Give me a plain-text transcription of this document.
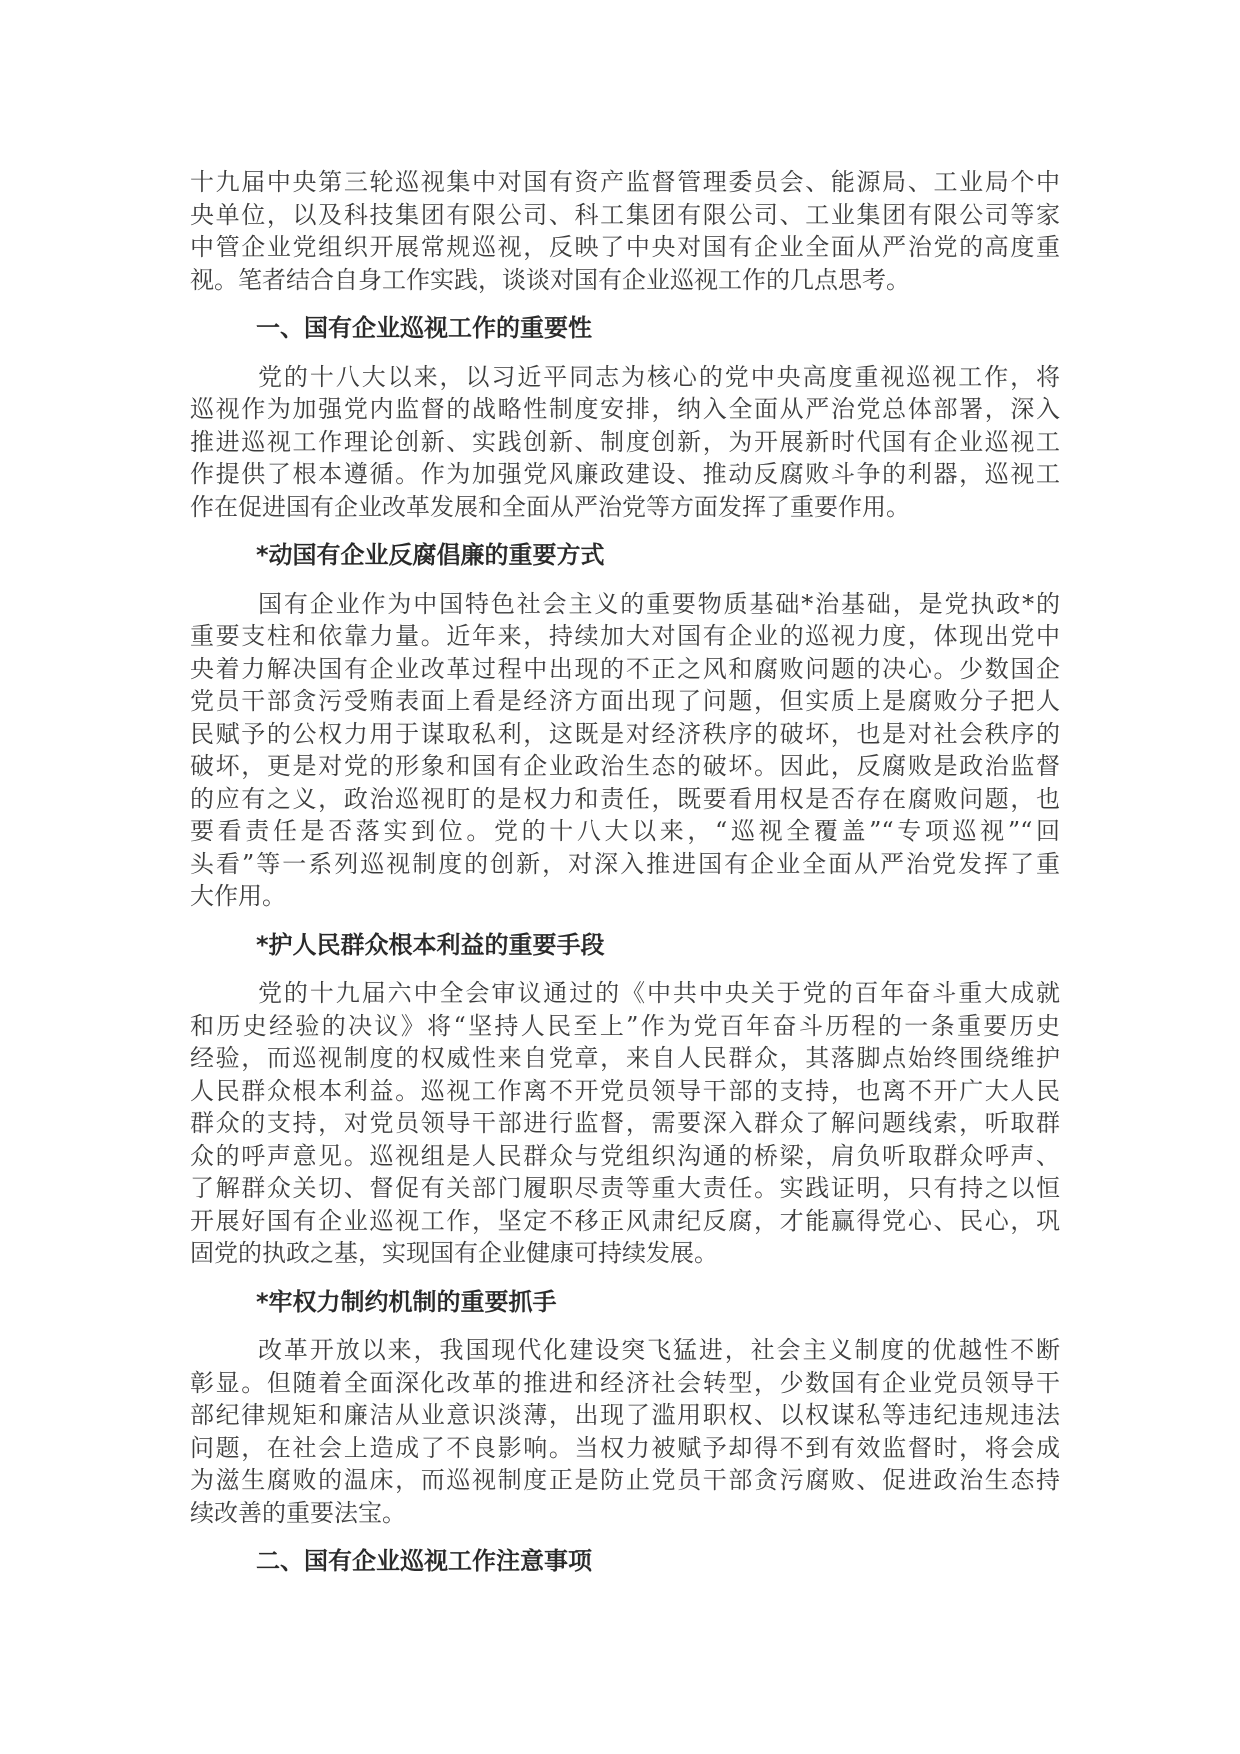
十九届中央第三轮巡视集中对国有资产监督管理委员会、能源局、工业局个中
央单位，以及科技集团有限公司、科工集团有限公司、工业集团有限公司等家
中管企业党组织开展常规巡视，反映了中央对国有企业全面从严治党的高度重
视。笔者结合自身工作实践，谈谈对国有企业巡视工作的几点思考。
一、国有企业巡视工作的重要性
党的十八大以来，以习近平同志为核心的党中央高度重视巡视工作，将
巡视作为加强党内监督的战略性制度安排，纳入全面从严治党总体部署，深入
推进巡视工作理论创新、实践创新、制度创新，为开展新时代国有企业巡视工
作提供了根本遵循。作为加强党风廉政建设、推动反腐败斗争的利器，巡视工
作在促进国有企业改革发展和全面从严治党等方面发挥了重要作用。
*动国有企业反腐倡廉的重要方式
国有企业作为中国特色社会主义的重要物质基础*治基础，是党执政*的
重要支柱和依靠力量。近年来，持续加大对国有企业的巡视力度，体现出党中
央着力解决国有企业改革过程中出现的不正之风和腐败问题的决心。少数国企
党员干部贪污受贿表面上看是经济方面出现了问题，但实质上是腐败分子把人
民赋予的公权力用于谋取私利，这既是对经济秩序的破坏，也是对社会秩序的
破坏，更是对党的形象和国有企业政治生态的破坏。因此，反腐败是政治监督
的应有之义，政治巡视盯的是权力和责任，既要看用权是否存在腐败问题，也
要看责任是否落实到位。党的十八大以来，“巡视全覆盖”“专项巡视”“回
头看”等一系列巡视制度的创新，对深入推进国有企业全面从严治党发挥了重
大作用。
*护人民群众根本利益的重要手段
党的十九届六中全会审议通过的《中共中央关于党的百年奋斗重大成就
和历史经验的决议》将“坚持人民至上”作为党百年奋斗历程的一条重要历史
经验，而巡视制度的权威性来自党章，来自人民群众，其落脚点始终围绕维护
人民群众根本利益。巡视工作离不开党员领导干部的支持，也离不开广大人民
群众的支持，对党员领导干部进行监督，需要深入群众了解问题线索，听取群
众的呼声意见。巡视组是人民群众与党组织沟通的桥梁，肩负听取群众呼声、
了解群众关切、督促有关部门履职尽责等重大责任。实践证明，只有持之以恒
开展好国有企业巡视工作，坚定不移正风肃纪反腐，才能赢得党心、民心，巩
固党的执政之基，实现国有企业健康可持续发展。
*牢权力制约机制的重要抓手
改革开放以来，我国现代化建设突飞猛进，社会主义制度的优越性不断
彰显。但随着全面深化改革的推进和经济社会转型，少数国有企业党员领导干
部纪律规矩和廉洁从业意识淡薄，出现了滥用职权、以权谋私等违纪违规违法
问题，在社会上造成了不良影响。当权力被赋予却得不到有效监督时，将会成
为滋生腐败的温床，而巡视制度正是防止党员干部贪污腐败、促进政治生态持
续改善的重要法宝。
二、国有企业巡视工作注意事项
